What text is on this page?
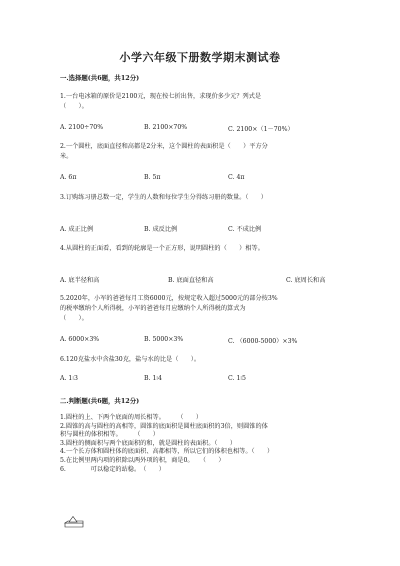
小学六年级下册数学期末测试卷
一.选择题(共6题，共12分)
1.一台电冰箱的原价是2100元，现在按七折出售，求现价多少元？列式是
（　　）。
A. 2100÷70%	B. 2100×70%	C. 2100×（1－70%）
2.一个圆柱，底面直径和高都是2分米，这个圆柱的表面积是（　　）平方分
米。
A. 6π	B. 5π	C. 4π
3.订购练习册总数一定，学生的人数和每位学生分得练习册的数量。（　　）
A. 成正比例	B. 成反比例	C. 不成比例
4.从圆柱的正面看，看到的轮廓是一个正方形，说明圆柱的（　　）相等。
A. 底半径和高	B. 底面直径和高	C. 底周长和高
5.2020年，小军的爸爸每月工资6000元，按规定收入超过5000元的部分按3%
的税率缴纳个人所得税，小军的爸爸每月应缴纳个人所得税的算式为
（　　）。
A. 6000×3%	B. 5000×3%	C. （6000-5000）×3%
6.120克盐水中含盐30克，盐与水的比是（　　）。
A. 1∶3	B. 1∶4	C. 1∶5
二.判断题(共6题，共12分)
1.圆柱的上、下两个底面的周长相等。　　　（　　）
2.圆锥的高与圆柱的高相等，圆锥的底面积是圆柱底面积的3倍，则圆锥的体
积与圆柱的体积相等。　　　（　　）
3.圆柱的侧面积与两个底面积的和，就是圆柱的表面积。（　　）
4.一个长方体和圆柱体的底面积、高都相等，所以它们的体积也相等。（　　）
5.在比例里两内项的积除以两外项的积，商是0。　　（　　）
6.　　　　可以稳定的站稳。　（　　）
